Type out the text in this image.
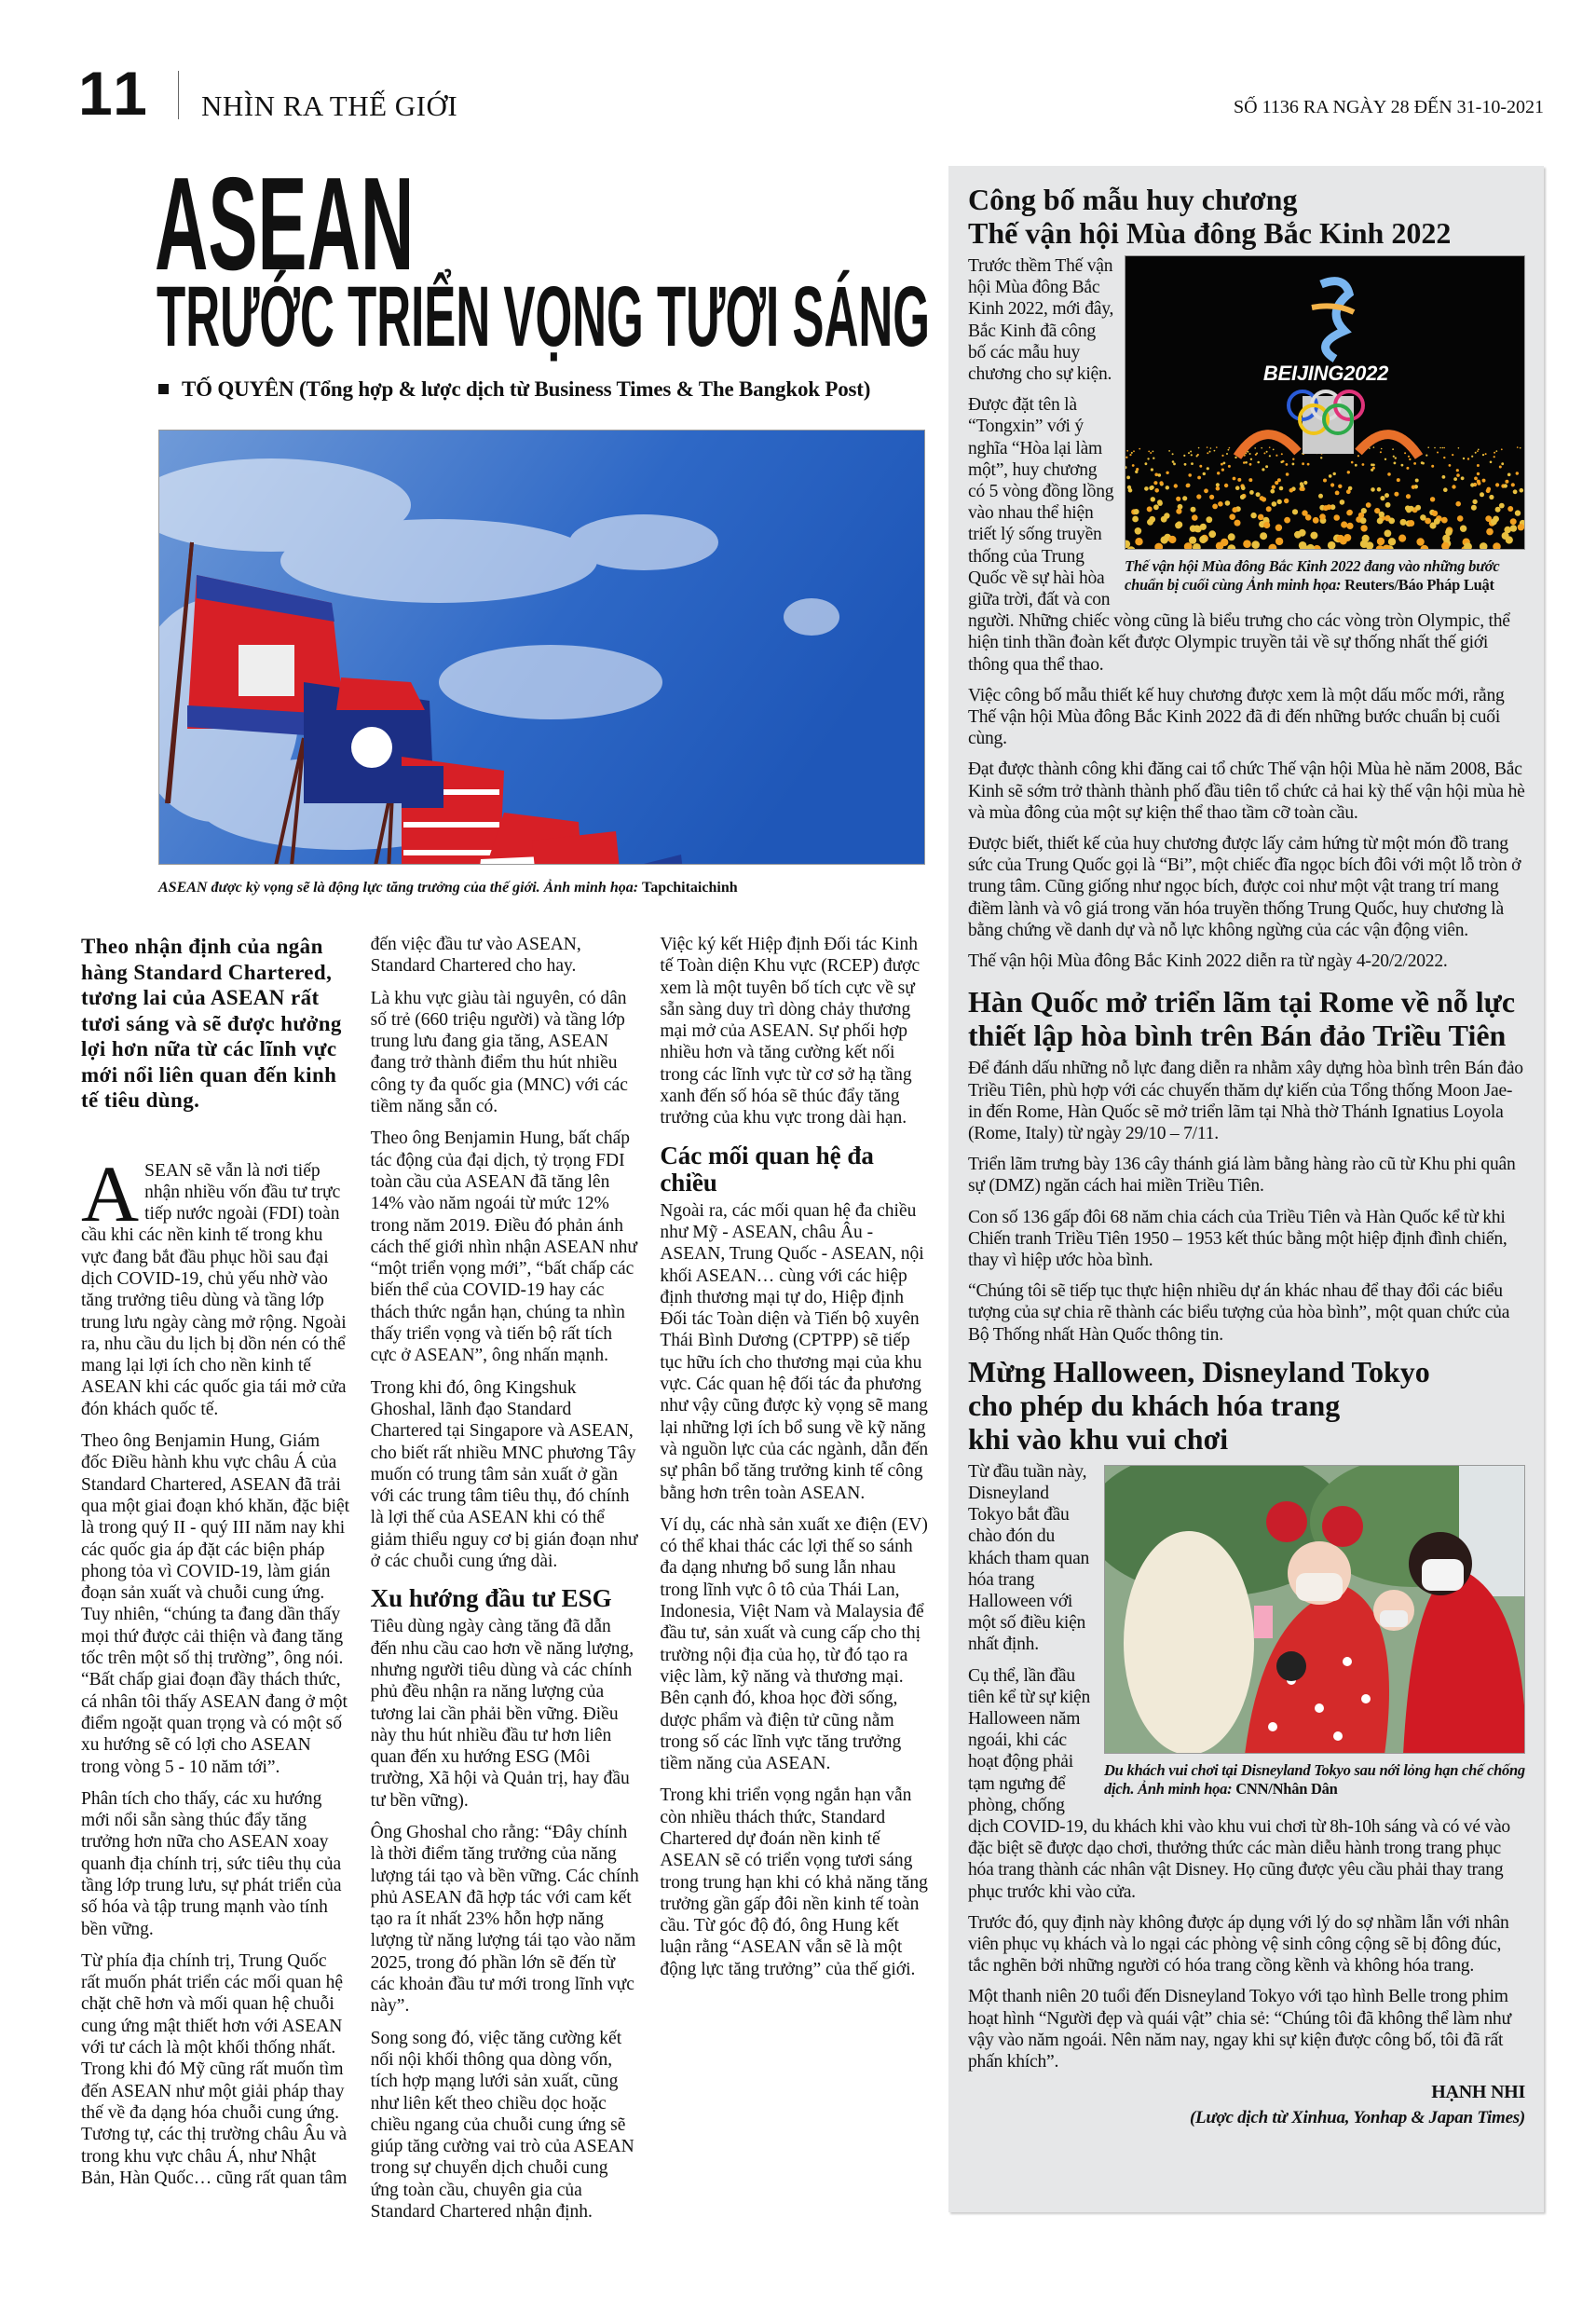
11 NHÌN RA THẾ GIỚI	SỐ 1136 RA NGÀY 28 ĐẾN 31-10-2021
ASEAN
TRƯỚC TRIỂN VỌNG TƯƠI SÁNG
TỐ QUYÊN (Tổng hợp & lược dịch từ Business Times & The Bangkok Post)
ASEAN được kỳ vọng sẽ là động lực tăng trưởng của thế giới. Ảnh minh họa: Tapchitaichinh

Theo nhận định của ngân hàng Standard Chartered, tương lai của ASEAN rất tươi sáng và sẽ được hưởng lợi hơn nữa từ các lĩnh vực mới nổi liên quan đến kinh tế tiêu dùng.

ASEAN sẽ vẫn là nơi tiếp nhận nhiều vốn đầu tư trực tiếp nước ngoài (FDI) toàn cầu khi các nền kinh tế trong khu vực đang bắt đầu phục hồi sau đại dịch COVID-19, chủ yếu nhờ vào tăng trưởng tiêu dùng và tầng lớp trung lưu ngày càng mở rộng. Ngoài ra, nhu cầu du lịch bị dồn nén có thể mang lại lợi ích cho nền kinh tế ASEAN khi các quốc gia tái mở cửa đón khách quốc tế.

Theo ông Benjamin Hung, Giám đốc Điều hành khu vực châu Á của Standard Chartered, ASEAN đã trải qua một giai đoạn khó khăn, đặc biệt là trong quý II - quý III năm nay khi các quốc gia áp đặt các biện pháp phong tỏa vì COVID-19, làm gián đoạn sản xuất và chuỗi cung ứng. Tuy nhiên, “chúng ta đang dần thấy mọi thứ được cải thiện và đang tăng tốc trên một số thị trường”, ông nói. “Bất chấp giai đoạn đầy thách thức, cá nhân tôi thấy ASEAN đang ở một điểm ngoặt quan trọng và có một số xu hướng sẽ có lợi cho ASEAN trong vòng 5 - 10 năm tới”.

Phân tích cho thấy, các xu hướng mới nổi sẵn sàng thúc đẩy tăng trưởng hơn nữa cho ASEAN xoay quanh địa chính trị, sức tiêu thụ của tầng lớp trung lưu, sự phát triển của số hóa và tập trung mạnh vào tính bền vững.

Từ phía địa chính trị, Trung Quốc rất muốn phát triển các mối quan hệ chặt chẽ hơn và mối quan hệ chuỗi cung ứng mật thiết hơn với ASEAN với tư cách là một khối thống nhất. Trong khi đó Mỹ cũng rất muốn tìm đến ASEAN như một giải pháp thay thế về đa dạng hóa chuỗi cung ứng. Tương tự, các thị trường châu Âu và trong khu vực châu Á, như Nhật Bản, Hàn Quốc… cũng rất quan tâm đến việc đầu tư vào ASEAN, Standard Chartered cho hay.

Là khu vực giàu tài nguyên, có dân số trẻ (660 triệu người) và tầng lớp trung lưu đang gia tăng, ASEAN đang trở thành điểm thu hút nhiều công ty đa quốc gia (MNC) với các tiềm năng sẵn có.

Theo ông Benjamin Hung, bất chấp tác động của đại dịch, tỷ trọng FDI toàn cầu của ASEAN đã tăng lên 14% vào năm ngoái từ mức 12% trong năm 2019. Điều đó phản ánh cách thế giới nhìn nhận ASEAN như “một triển vọng mới”, “bất chấp các biến thể của COVID-19 hay các thách thức ngắn hạn, chúng ta nhìn thấy triển vọng và tiến bộ rất tích cực ở ASEAN”, ông nhấn mạnh.

Trong khi đó, ông Kingshuk Ghoshal, lãnh đạo Standard Chartered tại Singapore và ASEAN, cho biết rất nhiều MNC phương Tây muốn có trung tâm sản xuất ở gần với các trung tâm tiêu thụ, đó chính là lợi thế của ASEAN khi có thể giảm thiểu nguy cơ bị gián đoạn như ở các chuỗi cung ứng dài.

Xu hướng đầu tư ESG

Tiêu dùng ngày càng tăng đã dẫn đến nhu cầu cao hơn về năng lượng, nhưng người tiêu dùng và các chính phủ đều nhận ra năng lượng của tương lai cần phải bền vững. Điều này thu hút nhiều đầu tư hơn liên quan đến xu hướng ESG (Môi trường, Xã hội và Quản trị, hay đầu tư bền vững).

Ông Ghoshal cho rằng: “Đây chính là thời điểm tăng trưởng của năng lượng tái tạo và bền vững. Các chính phủ ASEAN đã hợp tác với cam kết tạo ra ít nhất 23% hỗn hợp năng lượng từ năng lượng tái tạo vào năm 2025, trong đó phần lớn sẽ đến từ các khoản đầu tư mới trong lĩnh vực này”.

Song song đó, việc tăng cường kết nối nội khối thông qua dòng vốn, tích hợp mạng lưới sản xuất, cũng như liên kết theo chiều dọc hoặc chiều ngang của chuỗi cung ứng sẽ giúp tăng cường vai trò của ASEAN trong sự chuyển dịch chuỗi cung ứng toàn cầu, chuyên gia của Standard Chartered nhận định.

Việc ký kết Hiệp định Đối tác Kinh tế Toàn diện Khu vực (RCEP) được xem là một tuyên bố tích cực về sự sẵn sàng duy trì dòng chảy thương mại mở của ASEAN. Sự phối hợp nhiều hơn và tăng cường kết nối trong các lĩnh vực từ cơ sở hạ tầng xanh đến số hóa sẽ thúc đẩy tăng trưởng của khu vực trong dài hạn.

Các mối quan hệ đa chiều

Ngoài ra, các mối quan hệ đa chiều như Mỹ - ASEAN, châu Âu - ASEAN, Trung Quốc - ASEAN, nội khối ASEAN… cùng với các hiệp định thương mại tự do, Hiệp định Đối tác Toàn diện và Tiến bộ xuyên Thái Bình Dương (CPTPP) sẽ tiếp tục hữu ích cho thương mại của khu vực. Các quan hệ đối tác đa phương như vậy cũng được kỳ vọng sẽ mang lại những lợi ích bổ sung về kỹ năng và nguồn lực của các ngành, dẫn đến sự phân bổ tăng trưởng kinh tế công bằng hơn trên toàn ASEAN.

Ví dụ, các nhà sản xuất xe điện (EV) có thể khai thác các lợi thế so sánh đa dạng nhưng bổ sung lẫn nhau trong lĩnh vực ô tô của Thái Lan, Indonesia, Việt Nam và Malaysia để đầu tư, sản xuất và cung cấp cho thị trường nội địa của họ, từ đó tạo ra việc làm, kỹ năng và thương mại. Bên cạnh đó, khoa học đời sống, dược phẩm và điện tử cũng nằm trong số các lĩnh vực tăng trưởng tiềm năng của ASEAN.

Trong khi triển vọng ngắn hạn vẫn còn nhiều thách thức, Standard Chartered dự đoán nền kinh tế ASEAN sẽ có triển vọng tươi sáng trong trung hạn khi có khả năng tăng trưởng gần gấp đôi nền kinh tế toàn cầu. Từ góc độ đó, ông Hung kết luận rằng “ASEAN vẫn sẽ là một động lực tăng trưởng” của thế giới.

Công bố mẫu huy chương
Thế vận hội Mùa đông Bắc Kinh 2022
BEIJING2022
Thế vận hội Mùa đông Bắc Kinh 2022 đang vào những bước chuẩn bị cuối cùng Ảnh minh họa: Reuters/Báo Pháp Luật

Trước thềm Thế vận hội Mùa đông Bắc Kinh 2022, mới đây, Bắc Kinh đã công bố các mẫu huy chương cho sự kiện.

Được đặt tên là “Tongxin” với ý nghĩa “Hòa lại làm một”, huy chương có 5 vòng đồng lồng vào nhau thể hiện triết lý sống truyền thống của Trung Quốc về sự hài hòa giữa trời, đất và con người. Những chiếc vòng cũng là biểu trưng cho các vòng tròn Olympic, thể hiện tinh thần đoàn kết được Olympic truyền tải về sự thống nhất thế giới thông qua thể thao.

Việc công bố mẫu thiết kế huy chương được xem là một dấu mốc mới, rằng Thế vận hội Mùa đông Bắc Kinh 2022 đã đi đến những bước chuẩn bị cuối cùng.

Đạt được thành công khi đăng cai tổ chức Thế vận hội Mùa hè năm 2008, Bắc Kinh sẽ sớm trở thành thành phố đầu tiên tổ chức cả hai kỳ thế vận hội mùa hè và mùa đông của một sự kiện thể thao tầm cỡ toàn cầu.

Được biết, thiết kế của huy chương được lấy cảm hứng từ một món đồ trang sức của Trung Quốc gọi là “Bi”, một chiếc đĩa ngọc bích đôi với một lỗ tròn ở trung tâm. Cũng giống như ngọc bích, được coi như một vật trang trí mang điềm lành và vô giá trong văn hóa truyền thống Trung Quốc, huy chương là bằng chứng về danh dự và nỗ lực không ngừng của các vận động viên.

Thế vận hội Mùa đông Bắc Kinh 2022 diễn ra từ ngày 4-20/2/2022.

Hàn Quốc mở triển lãm tại Rome về nỗ lực thiết lập hòa bình trên Bán đảo Triều Tiên

Để đánh dấu những nỗ lực đang diễn ra nhằm xây dựng hòa bình trên Bán đảo Triều Tiên, phù hợp với các chuyến thăm dự kiến của Tổng thống Moon Jae-in đến Rome, Hàn Quốc sẽ mở triển lãm tại Nhà thờ Thánh Ignatius Loyola (Rome, Italy) từ ngày 29/10 – 7/11.

Triển lãm trưng bày 136 cây thánh giá làm bằng hàng rào cũ từ Khu phi quân sự (DMZ) ngăn cách hai miền Triều Tiên.

Con số 136 gấp đôi 68 năm chia cách của Triều Tiên và Hàn Quốc kể từ khi Chiến tranh Triều Tiên 1950 – 1953 kết thúc bằng một hiệp định đình chiến, thay vì hiệp ước hòa bình.

“Chúng tôi sẽ tiếp tục thực hiện nhiều dự án khác nhau để thay đổi các biểu tượng của sự chia rẽ thành các biểu tượng của hòa bình”, một quan chức của Bộ Thống nhất Hàn Quốc thông tin.

Mừng Halloween, Disneyland Tokyo
cho phép du khách hóa trang
khi vào khu vui chơi
Du khách vui chơi tại Disneyland Tokyo sau nới lỏng hạn chế chống dịch. Ảnh minh họa: CNN/Nhân Dân

Từ đầu tuần này, Disneyland Tokyo bắt đầu chào đón du khách tham quan hóa trang Halloween với một số điều kiện nhất định.

Cụ thể, lần đầu tiên kể từ sự kiện Halloween năm ngoái, khi các hoạt động phải tạm ngưng để phòng, chống dịch COVID-19, du khách khi vào khu vui chơi từ 8h-10h sáng và có vé vào đặc biệt sẽ được dạo chơi, thưởng thức các màn diễu hành trong trang phục hóa trang thành các nhân vật Disney. Họ cũng được yêu cầu phải thay trang phục trước khi vào cửa.

Trước đó, quy định này không được áp dụng với lý do sợ nhầm lẫn với nhân viên phục vụ khách và lo ngại các phòng vệ sinh công cộng sẽ bị đông đúc, tắc nghẽn bởi những người có hóa trang cồng kềnh và không hóa trang.

Một thanh niên 20 tuổi đến Disneyland Tokyo với tạo hình Belle trong phim hoạt hình “Người đẹp và quái vật” chia sẻ: “Chúng tôi đã không thể làm như vậy vào năm ngoái. Nên năm nay, ngay khi sự kiện được công bố, tôi đã rất phấn khích”.

HẠNH NHI
(Lược dịch từ Xinhua, Yonhap & Japan Times)
